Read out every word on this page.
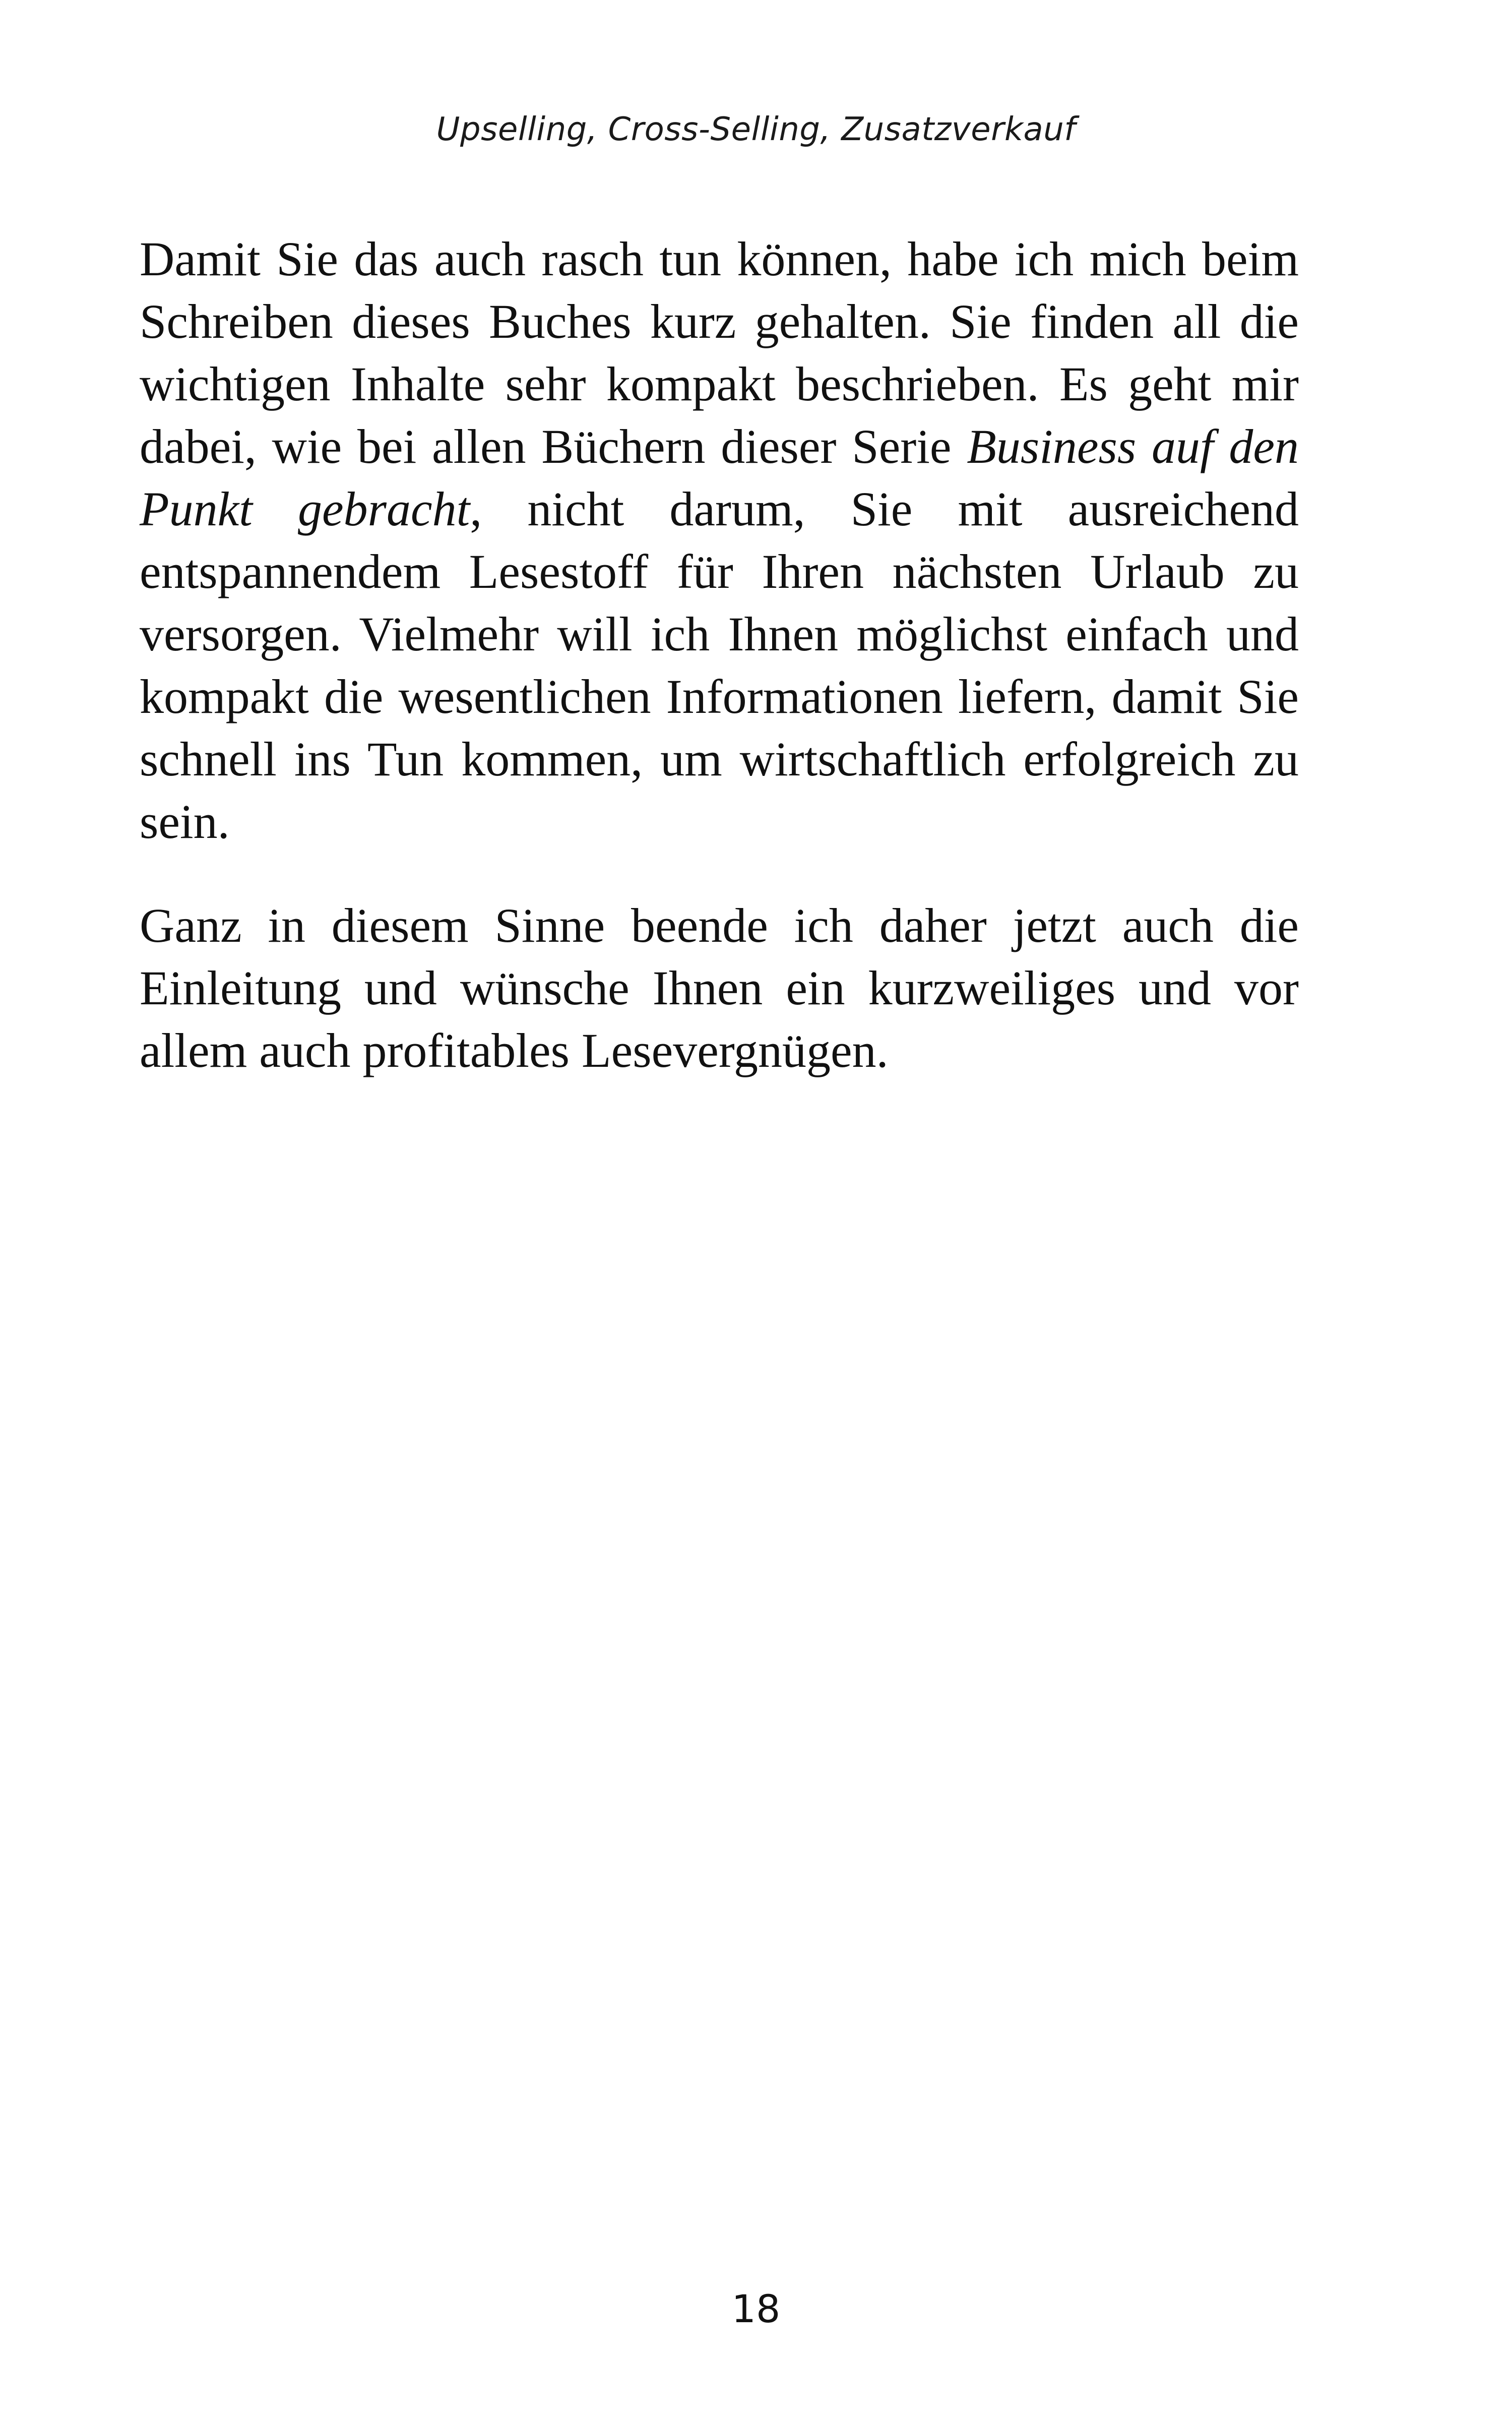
Upselling, Cross-Selling, Zusatzverkauf

Damit Sie das auch rasch tun können, habe ich mich beim Schreiben dieses Buches kurz gehalten. Sie finden all die wichtigen Inhalte sehr kompakt beschrieben. Es geht mir dabei, wie bei allen Büchern dieser Serie Business auf den Punkt gebracht, nicht darum, Sie mit ausreichend entspannendem Lesestoff für Ihren nächsten Urlaub zu versorgen. Vielmehr will ich Ihnen möglichst einfach und kompakt die wesentlichen Informationen liefern, damit Sie schnell ins Tun kommen, um wirtschaftlich erfolgreich zu sein.

Ganz in diesem Sinne beende ich daher jetzt auch die Einleitung und wünsche Ihnen ein kurzweiliges und vor allem auch profitables Lesevergnügen.

18
